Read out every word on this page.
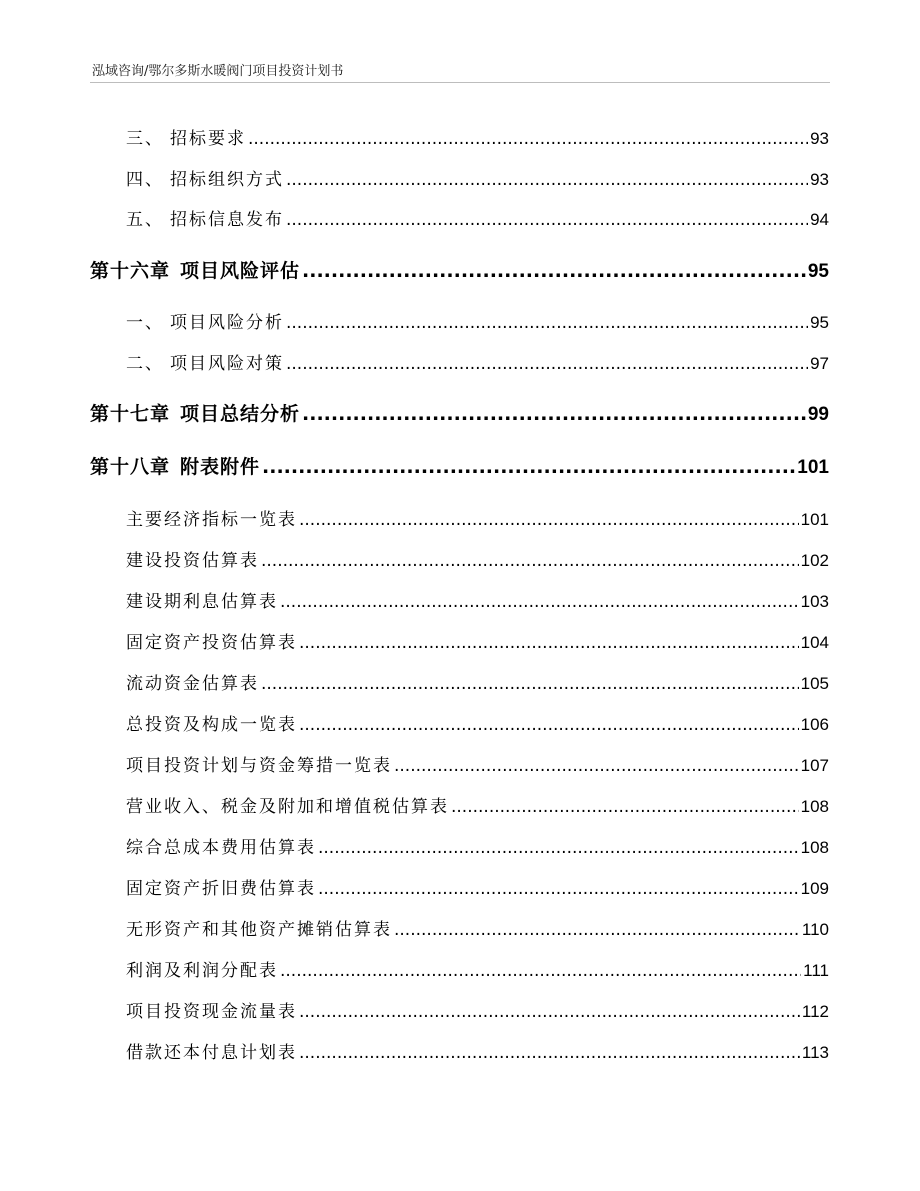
泓域咨询/鄂尔多斯水暖阀门项目投资计划书
三、 招标要求 .....	93
四、 招标组织方式 .....	93
五、 招标信息发布 .....	94
第十六章 项目风险评估 .....	95
一、 项目风险分析 .....	95
二、 项目风险对策 .....	97
第十七章 项目总结分析 .....	99
第十八章 附表附件 .....	101
主要经济指标一览表 .....	101
建设投资估算表 .....	102
建设期利息估算表 .....	103
固定资产投资估算表 .....	104
流动资金估算表 .....	105
总投资及构成一览表 .....	106
项目投资计划与资金筹措一览表 .....	107
营业收入、税金及附加和增值税估算表 .....	108
综合总成本费用估算表 .....	108
固定资产折旧费估算表 .....	109
无形资产和其他资产摊销估算表 .....	110
利润及利润分配表 .....	111
项目投资现金流量表 .....	112
借款还本付息计划表 .....	113
